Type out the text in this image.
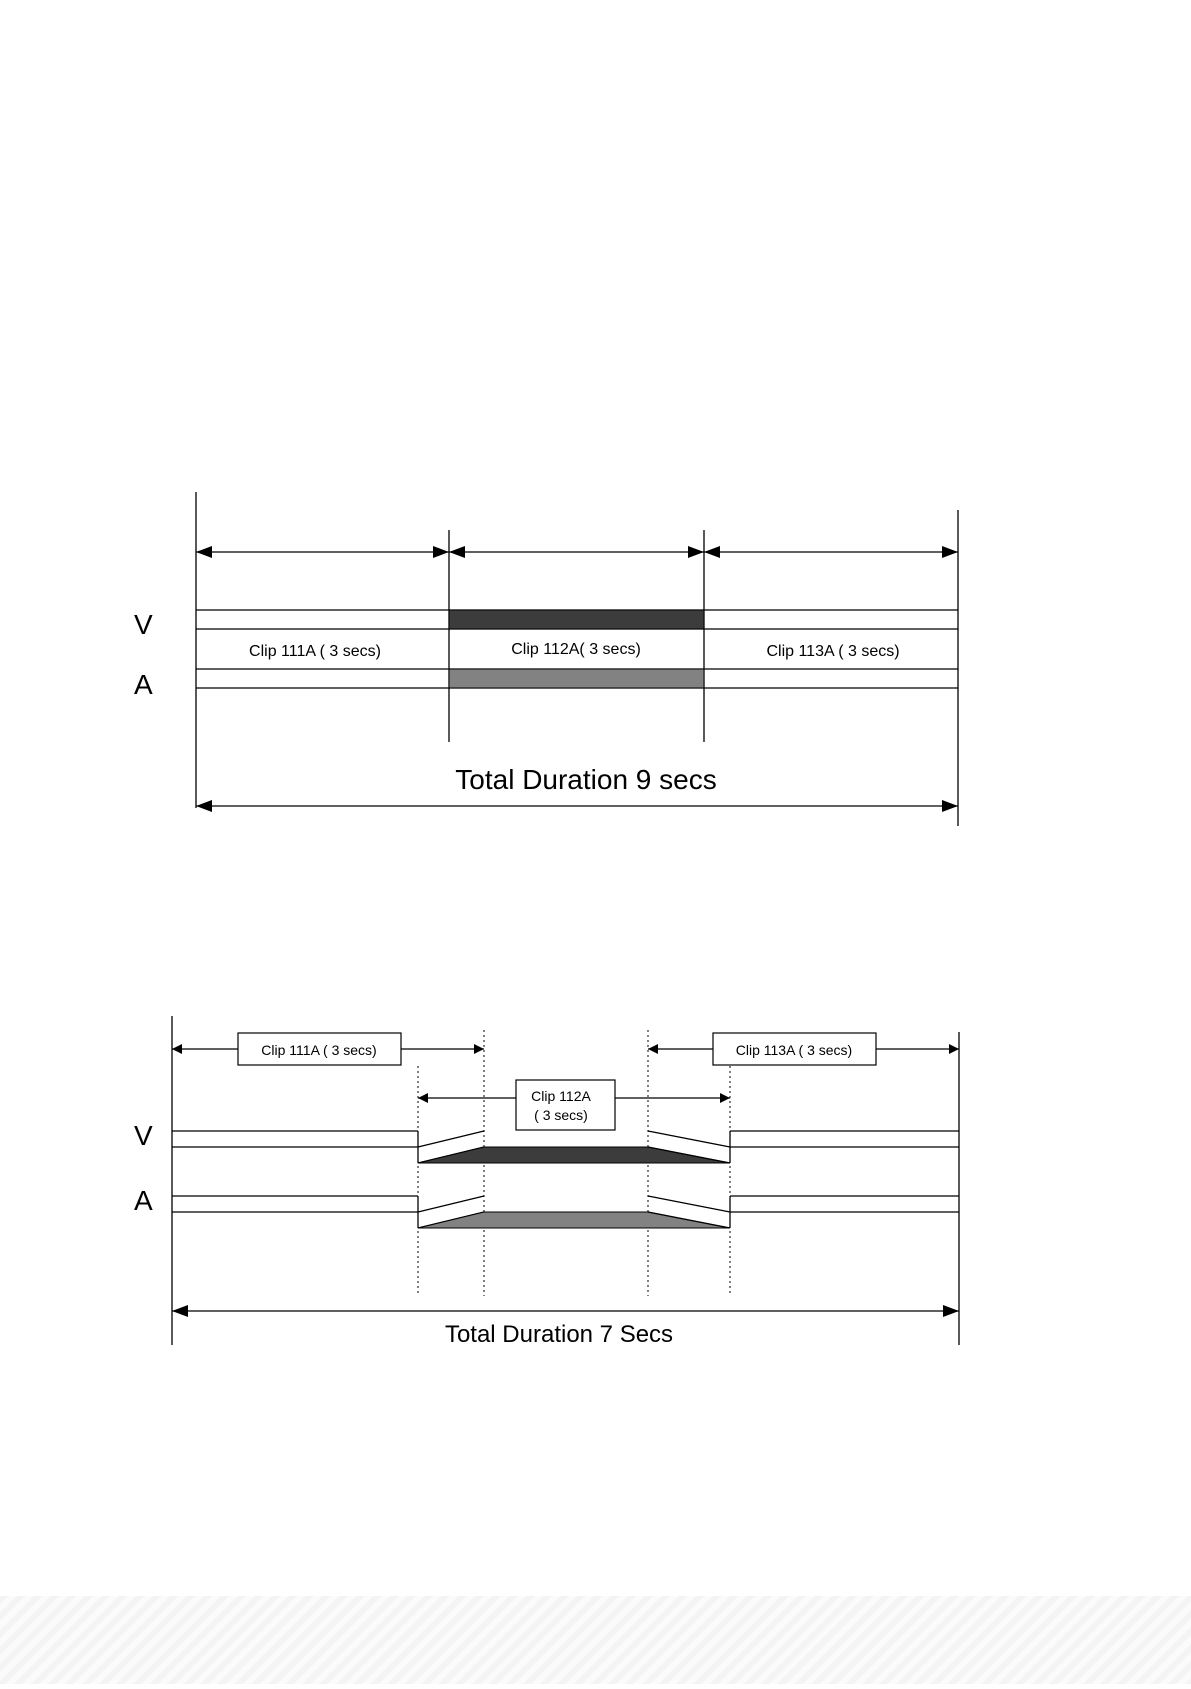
V
A
Clip 111A ( 3 secs)	Clip 112A( 3 secs)	Clip 113A ( 3 secs)
Total Duration 9 secs
Clip 111A ( 3 secs)	Clip 113A ( 3 secs)
Clip 112A
( 3 secs)
V
A
Total Duration 7 Secs
